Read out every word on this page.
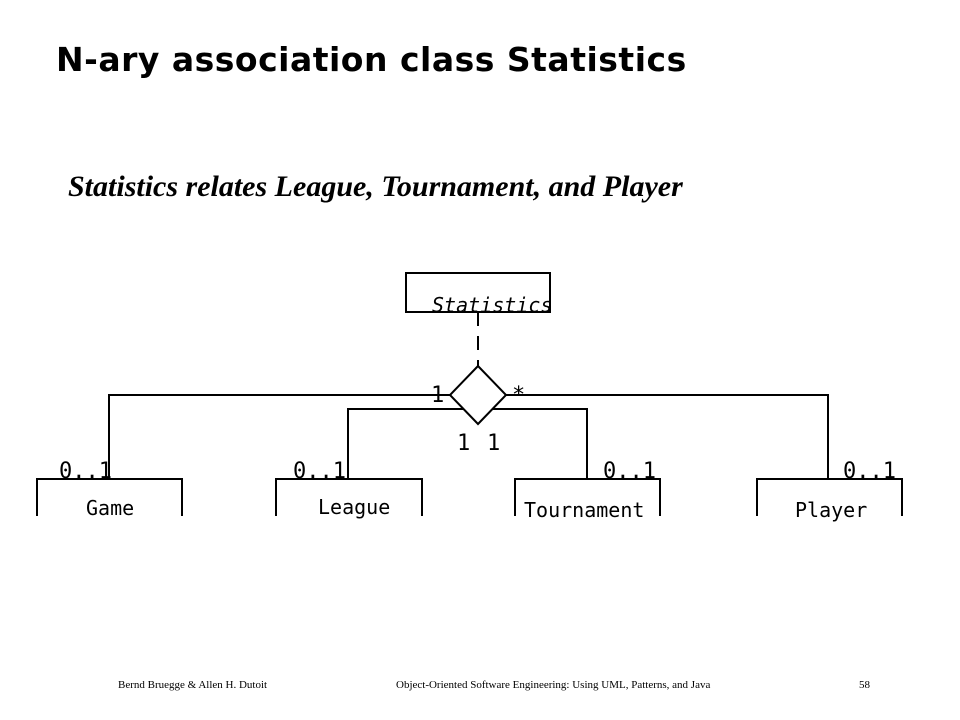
N-ary association class Statistics
Statistics relates League, Tournament, and Player
Statistics
1	*
1 1
Game	League	Tournament	Player
0..1	0..1	0..1	0..1
Bernd Bruegge & Allen H. Dutoit	Object-Oriented Software Engineering: Using UML, Patterns, and Java	58
